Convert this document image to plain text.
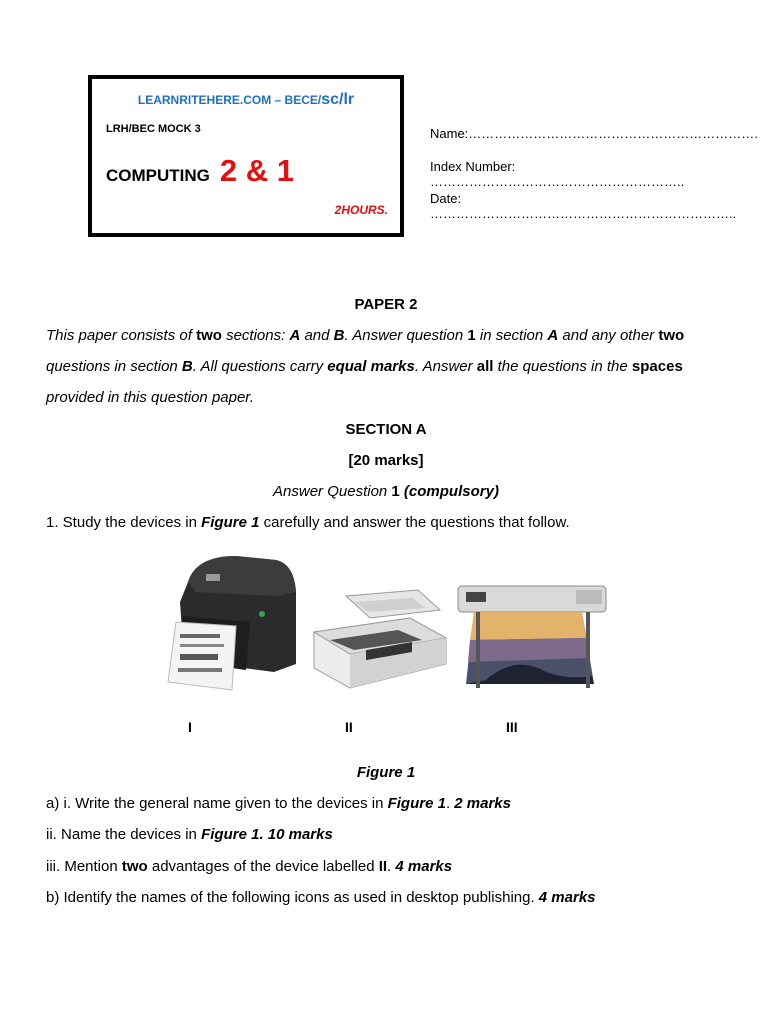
LEARNRITEHERE.COM – BECE/sc/lr
LRH/BEC MOCK 3
COMPUTING 2 & 1
2HOURS.
Name:………………………………………………………….
Index Number: …………………………………………………..
Date: ……………………………………………………………..
PAPER 2
This paper consists of two sections: A and B. Answer question 1 in section A and any other two questions in section B. All questions carry equal marks. Answer all the questions in the spaces provided in this question paper.
SECTION A
[20 marks]
Answer Question 1 (compulsory)
1. Study the devices in Figure 1 carefully and answer the questions that follow.
I	II	III
Figure 1
a) i. Write the general name given to the devices in Figure 1. 2 marks
ii. Name the devices in Figure 1. 10 marks
iii. Mention two advantages of the device labelled II. 4 marks
b) Identify the names of the following icons as used in desktop publishing. 4 marks
